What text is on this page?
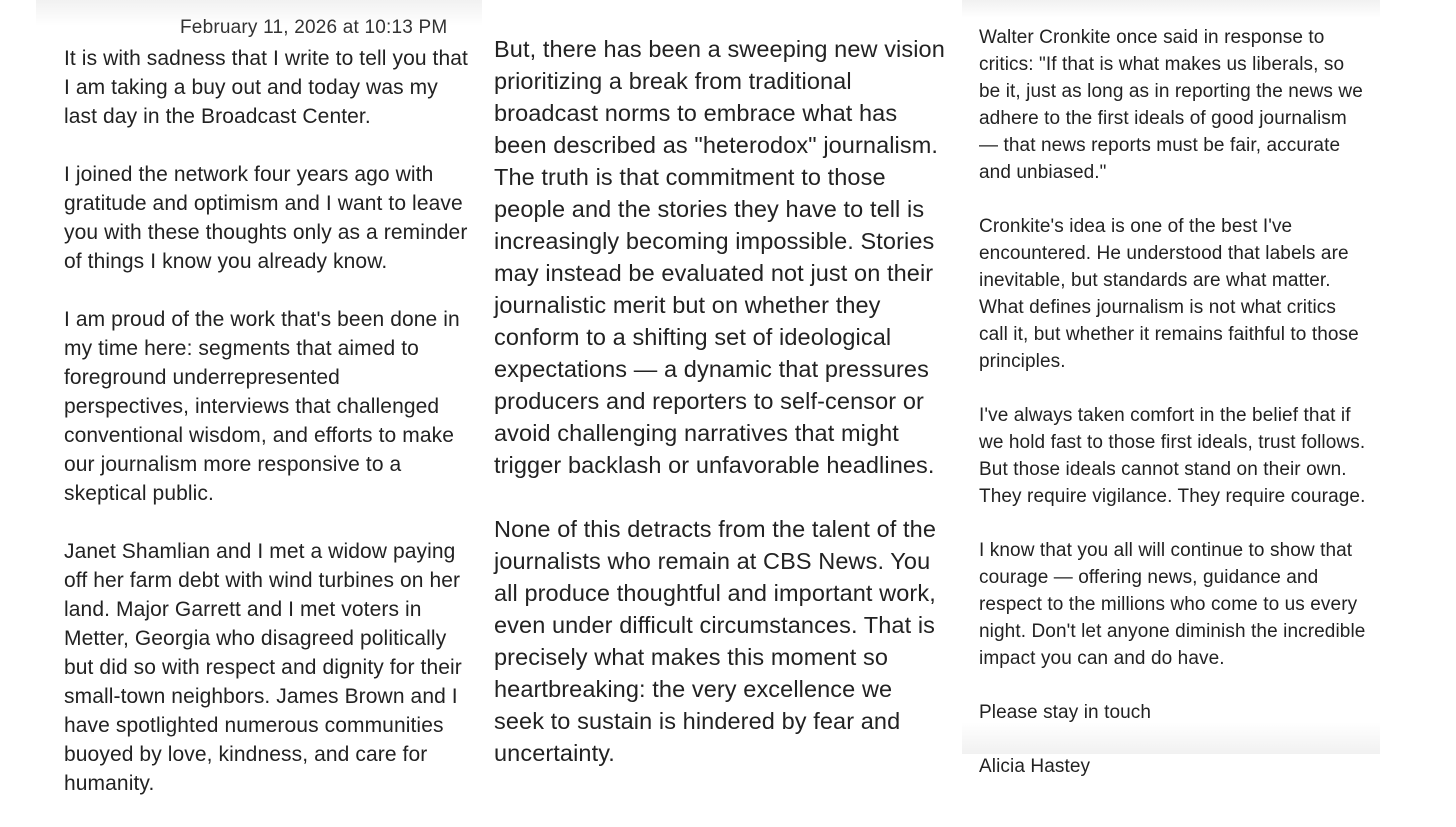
February 11, 2026 at 10:13 PM

It is with sadness that I write to tell you that I am taking a buy out and today was my last day in the Broadcast Center.

I joined the network four years ago with gratitude and optimism and I want to leave you with these thoughts only as a reminder of things I know you already know.

I am proud of the work that's been done in my time here: segments that aimed to foreground underrepresented perspectives, interviews that challenged conventional wisdom, and efforts to make our journalism more responsive to a skeptical public.

Janet Shamlian and I met a widow paying off her farm debt with wind turbines on her land. Major Garrett and I met voters in Metter, Georgia who disagreed politically but did so with respect and dignity for their small-town neighbors. James Brown and I have spotlighted numerous communities buoyed by love, kindness, and care for humanity.

But, there has been a sweeping new vision prioritizing a break from traditional broadcast norms to embrace what has been described as "heterodox" journalism. The truth is that commitment to those people and the stories they have to tell is increasingly becoming impossible. Stories may instead be evaluated not just on their journalistic merit but on whether they conform to a shifting set of ideological expectations — a dynamic that pressures producers and reporters to self-censor or avoid challenging narratives that might trigger backlash or unfavorable headlines.

None of this detracts from the talent of the journalists who remain at CBS News. You all produce thoughtful and important work, even under difficult circumstances. That is precisely what makes this moment so heartbreaking: the very excellence we seek to sustain is hindered by fear and uncertainty.

Walter Cronkite once said in response to critics: "If that is what makes us liberals, so be it, just as long as in reporting the news we adhere to the first ideals of good journalism — that news reports must be fair, accurate and unbiased."

Cronkite's idea is one of the best I've encountered. He understood that labels are inevitable, but standards are what matter. What defines journalism is not what critics call it, but whether it remains faithful to those principles.

I've always taken comfort in the belief that if we hold fast to those first ideals, trust follows. But those ideals cannot stand on their own. They require vigilance. They require courage.

I know that you all will continue to show that courage — offering news, guidance and respect to the millions who come to us every night. Don't let anyone diminish the incredible impact you can and do have.

Please stay in touch

Alicia Hastey
